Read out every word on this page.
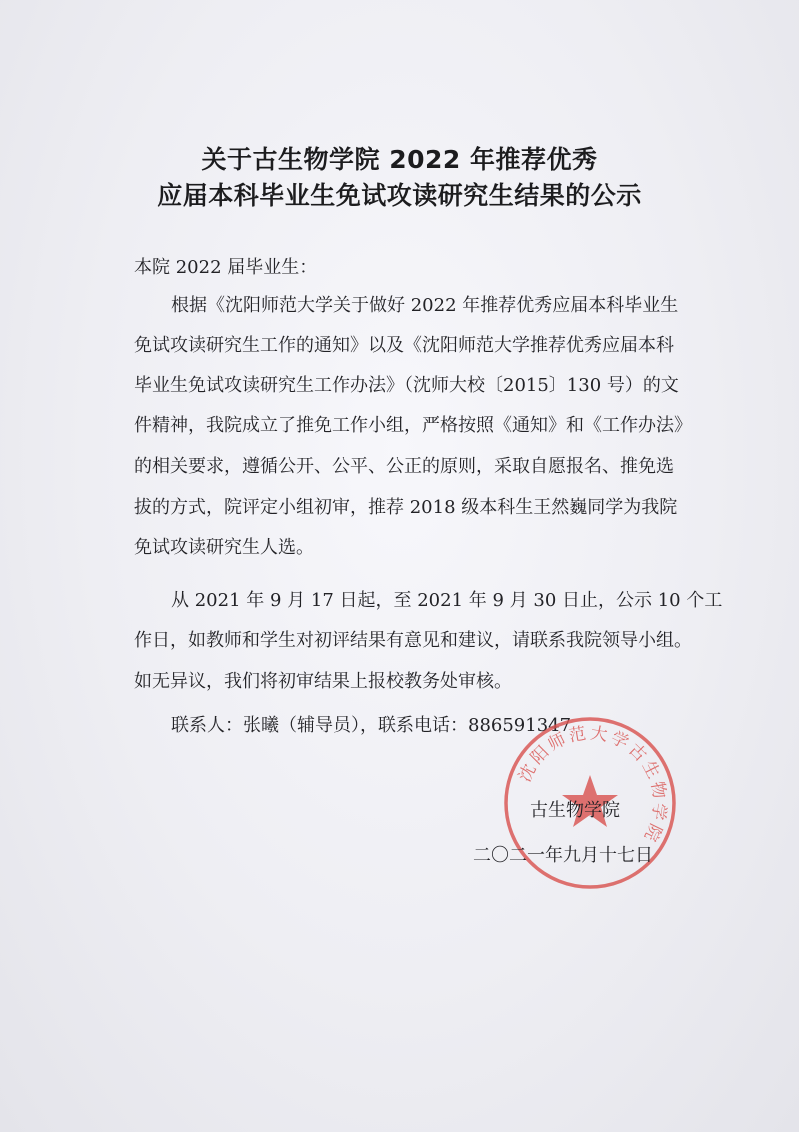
关于古生物学院 2022 年推荐优秀
应届本科毕业生免试攻读研究生结果的公示
本院 2022 届毕业生：
根据《沈阳师范大学关于做好 2022 年推荐优秀应届本科毕业生
免试攻读研究生工作的通知》以及《沈阳师范大学推荐优秀应届本科
毕业生免试攻读研究生工作办法》（沈师大校〔2015〕130 号）的文
件精神，我院成立了推免工作小组，严格按照《通知》和《工作办法》
的相关要求，遵循公开、公平、公正的原则，采取自愿报名、推免选
拔的方式，院评定小组初审，推荐 2018 级本科生王然巍同学为我院
免试攻读研究生人选。
从 2021 年 9 月 17 日起，至 2021 年 9 月 30 日止，公示 10 个工
作日，如教师和学生对初评结果有意见和建议，请联系我院领导小组。
如无异议，我们将初审结果上报校教务处审核。
联系人：张曦（辅导员），联系电话：886591347
沈阳师范大学古生物学院
古生物学院
二〇二一年九月十七日
